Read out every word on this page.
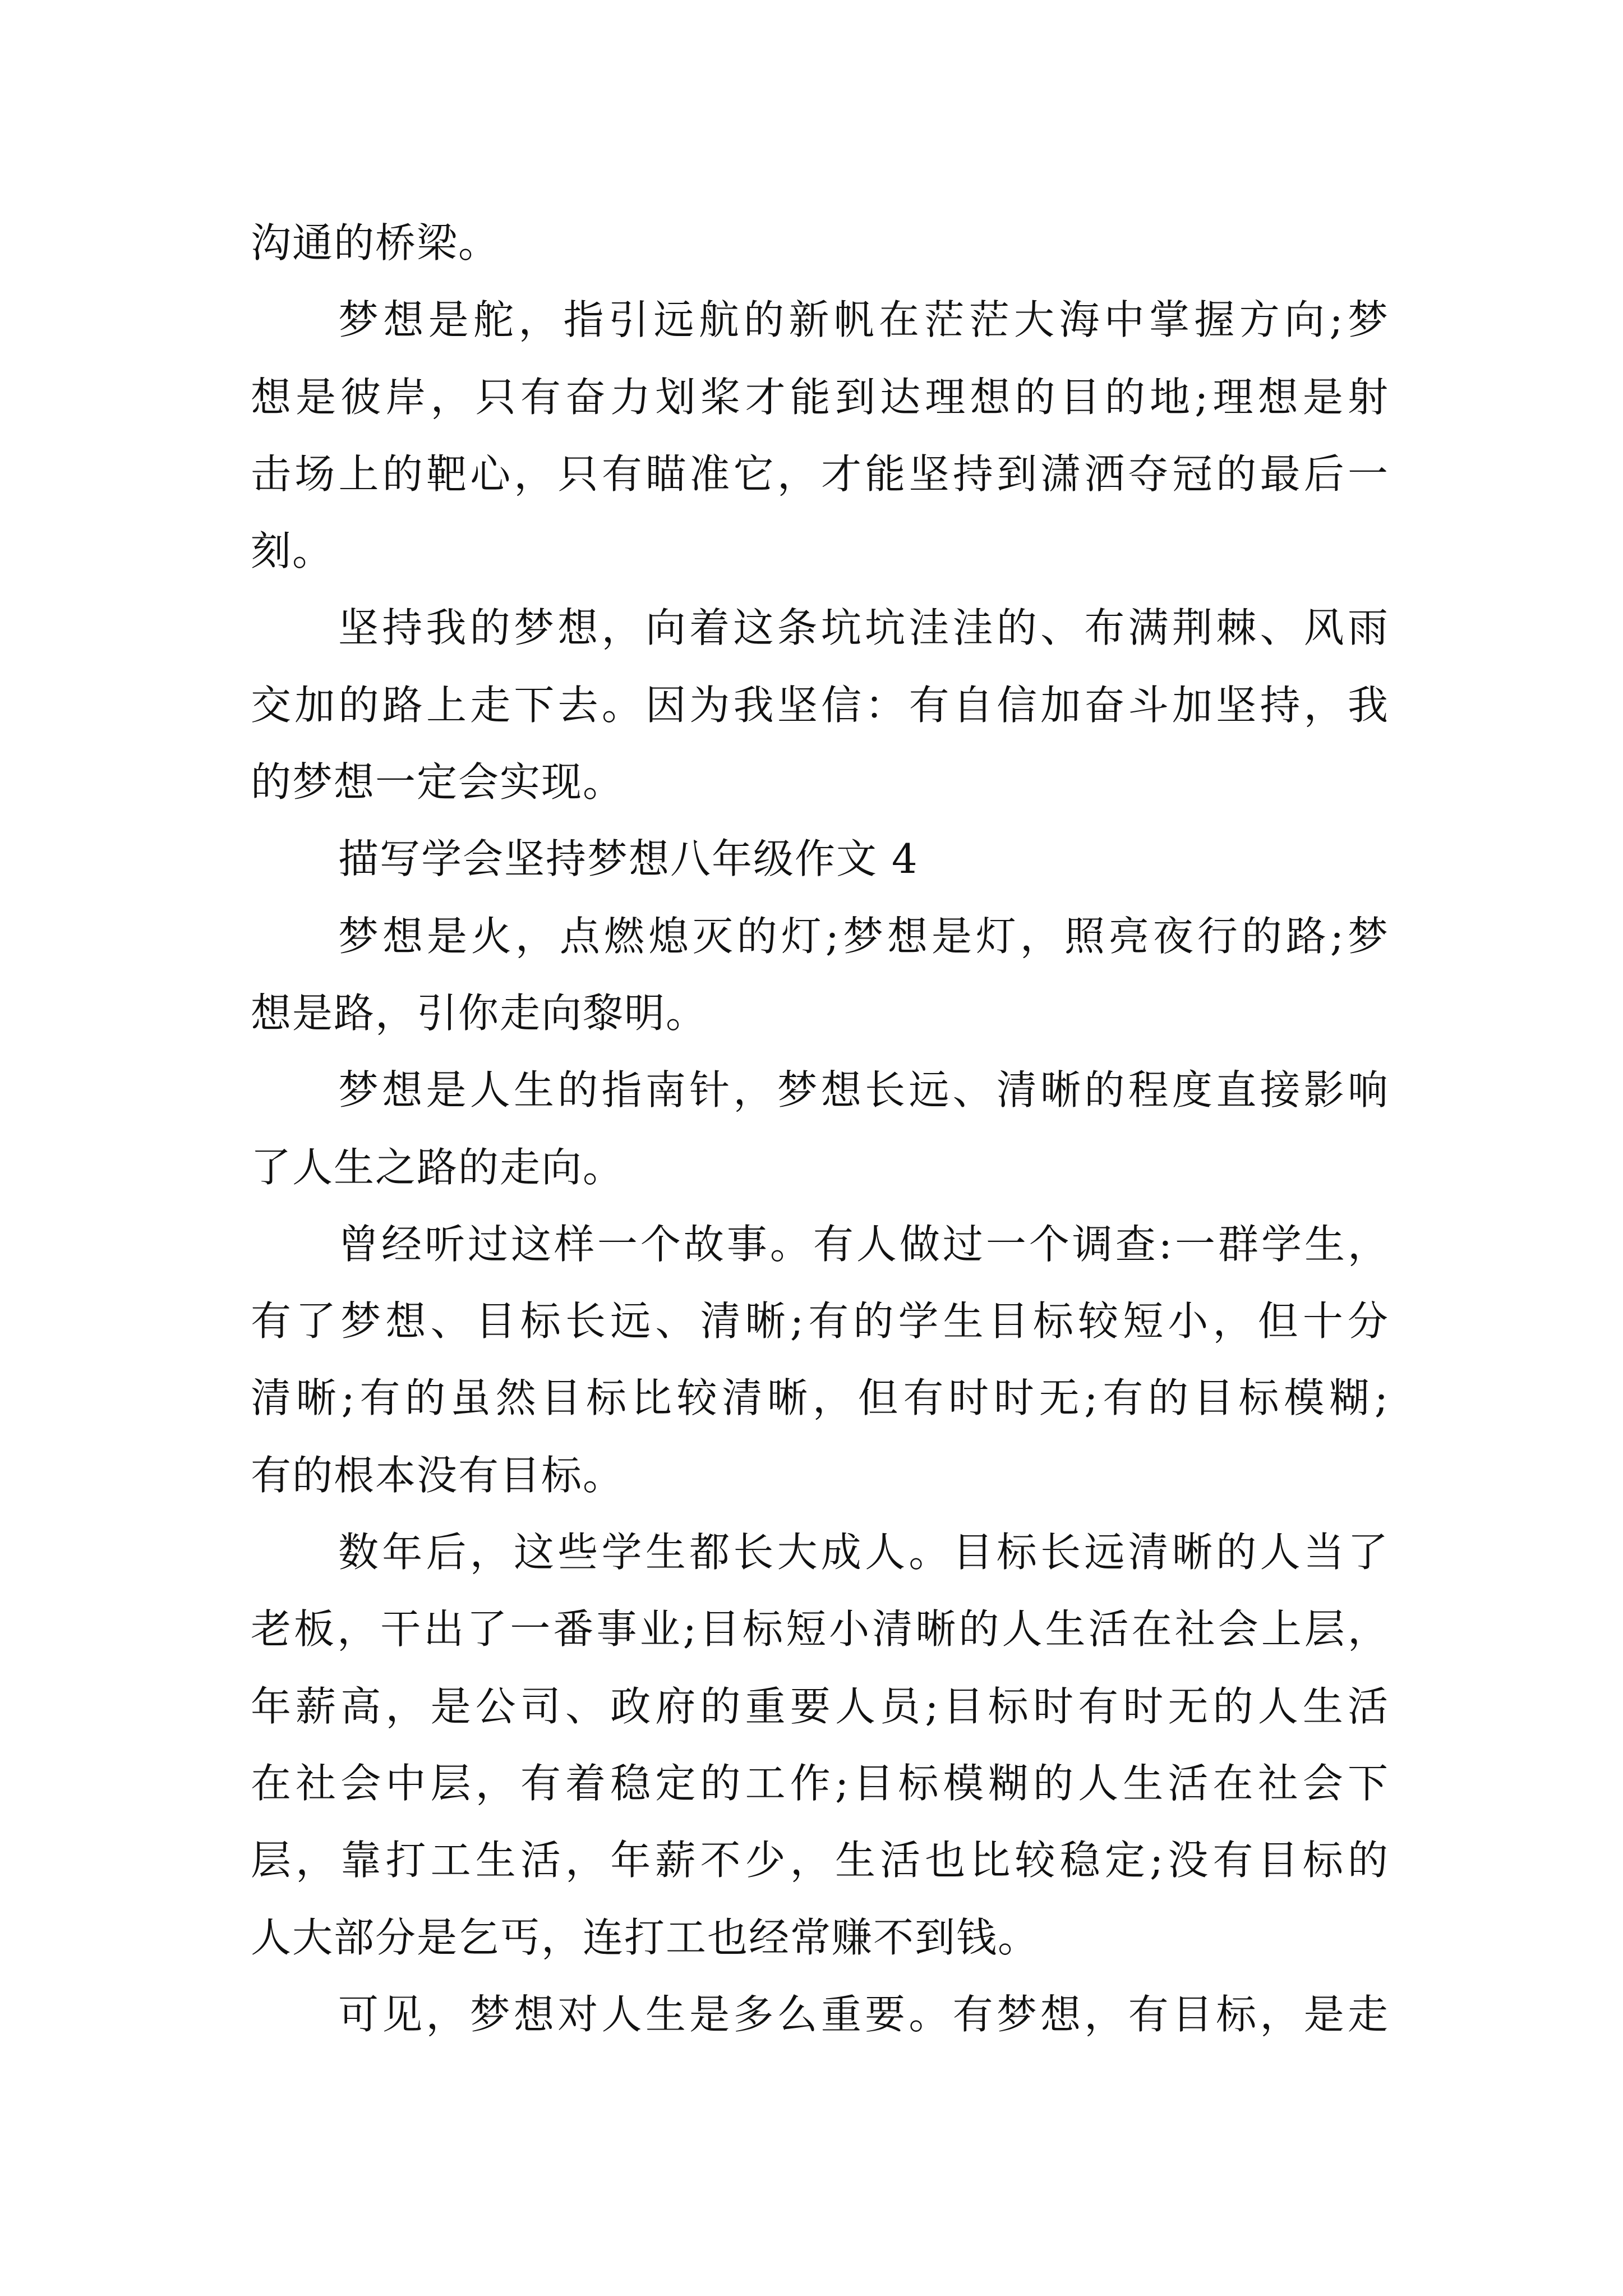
沟通的桥梁。
梦想是舵，指引远航的新帆在茫茫大海中掌握方向;梦
想是彼岸，只有奋力划桨才能到达理想的目的地;理想是射
击场上的靶心，只有瞄准它，才能坚持到潇洒夺冠的最后一
刻。
坚持我的梦想，向着这条坑坑洼洼的、布满荆棘、风雨
交加的路上走下去。因为我坚信：有自信加奋斗加坚持，我
的梦想一定会实现。
描写学会坚持梦想八年级作文 4
梦想是火，点燃熄灭的灯;梦想是灯，照亮夜行的路;梦
想是路，引你走向黎明。
梦想是人生的指南针，梦想长远、清晰的程度直接影响
了人生之路的走向。
曾经听过这样一个故事。有人做过一个调查:一群学生，
有了梦想、目标长远、清晰;有的学生目标较短小，但十分
清晰;有的虽然目标比较清晰，但有时时无;有的目标模糊;
有的根本没有目标。
数年后，这些学生都长大成人。目标长远清晰的人当了
老板，干出了一番事业;目标短小清晰的人生活在社会上层，
年薪高，是公司、政府的重要人员;目标时有时无的人生活
在社会中层，有着稳定的工作;目标模糊的人生活在社会下
层，靠打工生活，年薪不少，生活也比较稳定;没有目标的
人大部分是乞丐，连打工也经常赚不到钱。
可见，梦想对人生是多么重要。有梦想，有目标，是走
